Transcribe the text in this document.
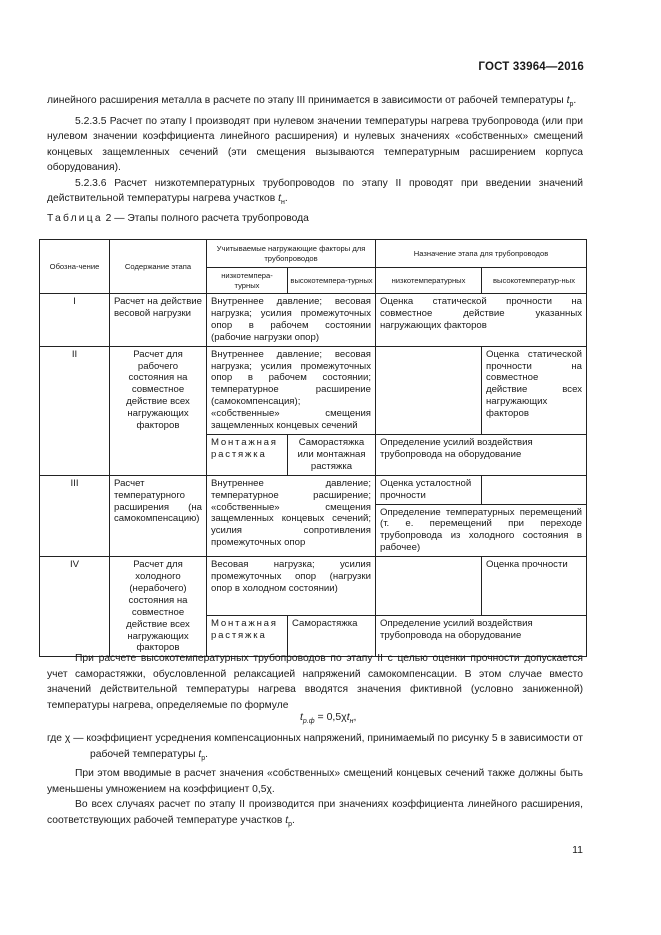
ГОСТ 33964—2016

линейного расширения металла в расчете по этапу III принимается в зависимости от рабочей температуры $t_p$.

5.2.3.5 Расчет по этапу I производят при нулевом значении температуры нагрева трубопровода (или при нулевом значении коэффициента линейного расширения) и нулевых значениях «собственных» смещений концевых защемленных сечений (эти смещения вызываются температурным расширением корпуса оборудования).

5.2.3.6 Расчет низкотемпературных трубопроводов по этапу II проводят при введении значений действительной температуры нагрева участков $t_н$.

Таблица 2 — Этапы полного расчета трубопровода
Обозна-чение	Содержание этапа	Учитываемые нагружающие факторы для трубопроводов		Назначение этапа для трубопроводов	
		низкотемпера-турных	высокотемпера-турных	низкотемпературных	высокотемператур-ных
I	Расчет на действие весовой нагрузки	Внутреннее давление; весовая нагрузка; усилия промежуточных опор в рабочем состоянии (рабочие нагрузки опор)		Оценка статической прочности на совместное действие указанных нагружающих факторов	
II	Расчет для рабочего состояния на совместное действие всех нагружающих факторов	Внутреннее давление; весовая нагрузка; усилия промежуточных опор в рабочем состоянии; температурное расширение (самокомпенсация); «собственные» смещения защемленных концевых сечений			Оценка статической прочности на совместное действие всех нагружающих факторов
		Монтажная растяжка	Саморастяжка или монтажная растяжка	Определение усилий воздействия трубопровода на оборудование	
III	Расчет температурного расширения (на самокомпенсацию)	Внутреннее давление; температурное расширение; «собственные» смещения защемленных концевых сечений; усилия сопротивления промежуточных опор		Оценка усталостной прочности	
				Определение температурных перемещений (т. е. перемещений при переходе трубопровода из холодного состояния в рабочее)	
IV	Расчет для холодного (нерабочего) состояния на совместное действие всех нагружающих факторов	Весовая нагрузка; усилия промежуточных опор (нагрузки опор в холодном состоянии)			Оценка прочности
		Монтажная растяжка	Саморастяжка	Определение усилий воздействия трубопровода на оборудование	

При расчете высокотемпературных трубопроводов по этапу II с целью оценки прочности допускается учет саморастяжки, обусловленной релаксацией напряжений самокомпенсации. В этом случае вместо значений действительной температуры нагрева вводятся значения фиктивной (условно заниженной) температуры нагрева, определяемые по формуле

$t_{р.ф} = 0,5\chi t_н$,

где χ — коэффициент усреднения компенсационных напряжений, принимаемый по рисунку 5 в зависимости от рабочей температуры $t_р$.

При этом вводимые в расчет значения «собственных» смещений концевых сечений также должны быть уменьшены умножением на коэффициент 0,5χ.

Во всех случаях расчет по этапу II производится при значениях коэффициента линейного расширения, соответствующих рабочей температуре участков $t_р$.

11
